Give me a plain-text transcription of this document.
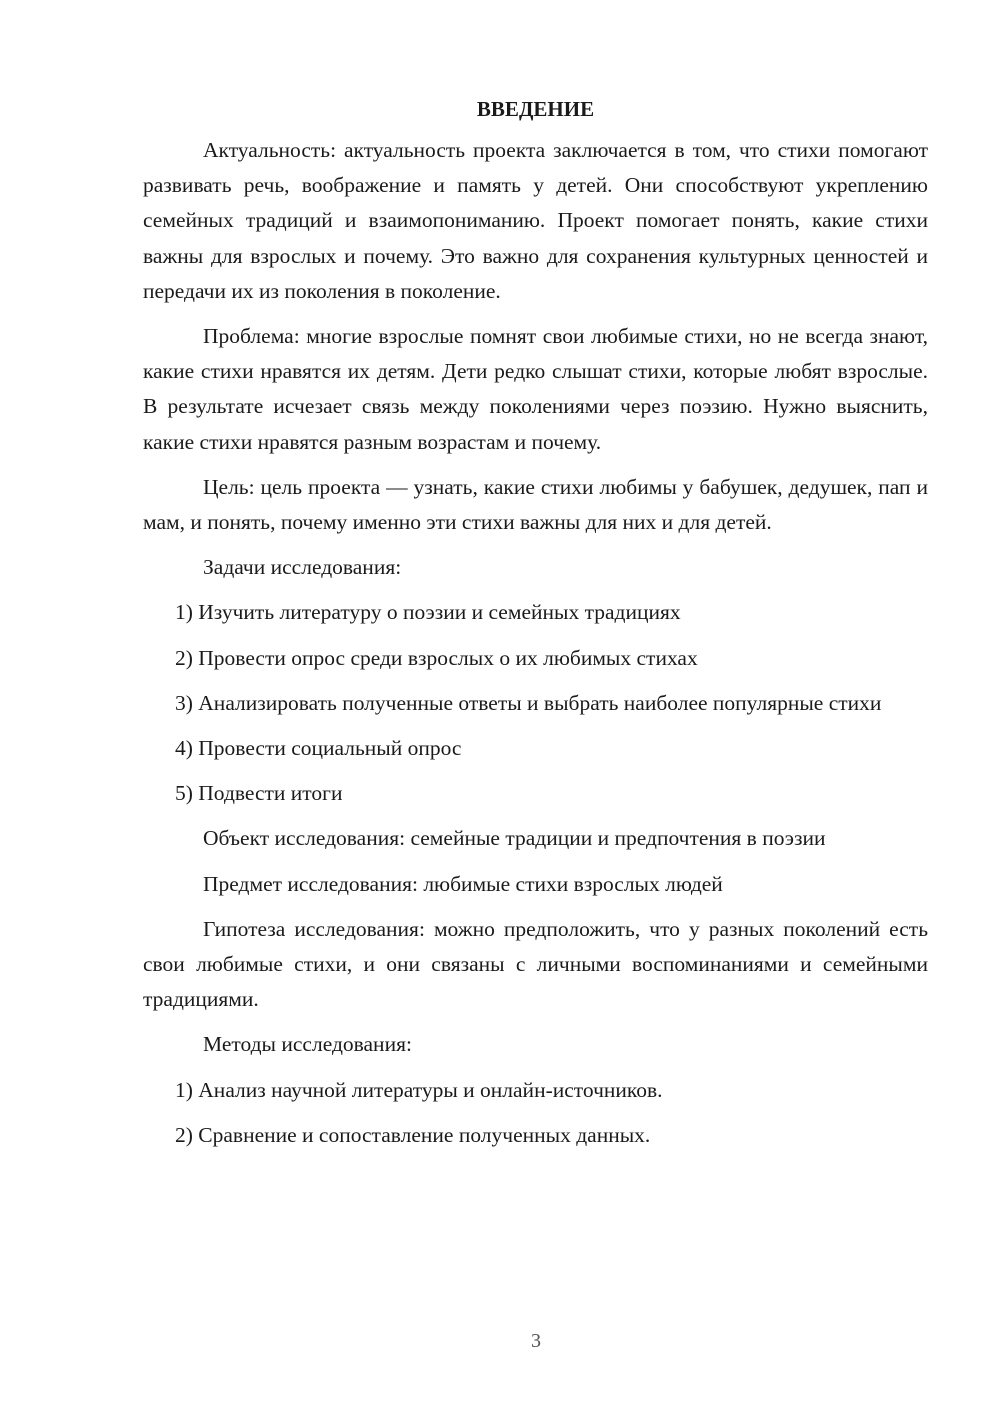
ВВЕДЕНИЕ

Актуальность: актуальность проекта заключается в том, что стихи помогают развивать речь, воображение и память у детей. Они способствуют укреплению семейных традиций и взаимопониманию. Проект помогает понять, какие стихи важны для взрослых и почему. Это важно для сохранения культурных ценностей и передачи их из поколения в поколение.

Проблема: многие взрослые помнят свои любимые стихи, но не всегда знают, какие стихи нравятся их детям. Дети редко слышат стихи, которые любят взрослые. В результате исчезает связь между поколениями через поэзию. Нужно выяснить, какие стихи нравятся разным возрастам и почему.

Цель: цель проекта — узнать, какие стихи любимы у бабушек, дедушек, пап и мам, и понять, почему именно эти стихи важны для них и для детей.

Задачи исследования:

1) Изучить литературу о поэзии и семейных традициях

2) Провести опрос среди взрослых о их любимых стихах

3) Анализировать полученные ответы и выбрать наиболее популярные стихи

4) Провести социальный опрос

5) Подвести итоги

Объект исследования: семейные традиции и предпочтения в поэзии

Предмет исследования: любимые стихи взрослых людей

Гипотеза исследования: можно предположить, что у разных поколений есть свои любимые стихи, и они связаны с личными воспоминаниями и семейными традициями.

Методы исследования:

1) Анализ научной литературы и онлайн-источников.

2) Сравнение и сопоставление полученных данных.

3
